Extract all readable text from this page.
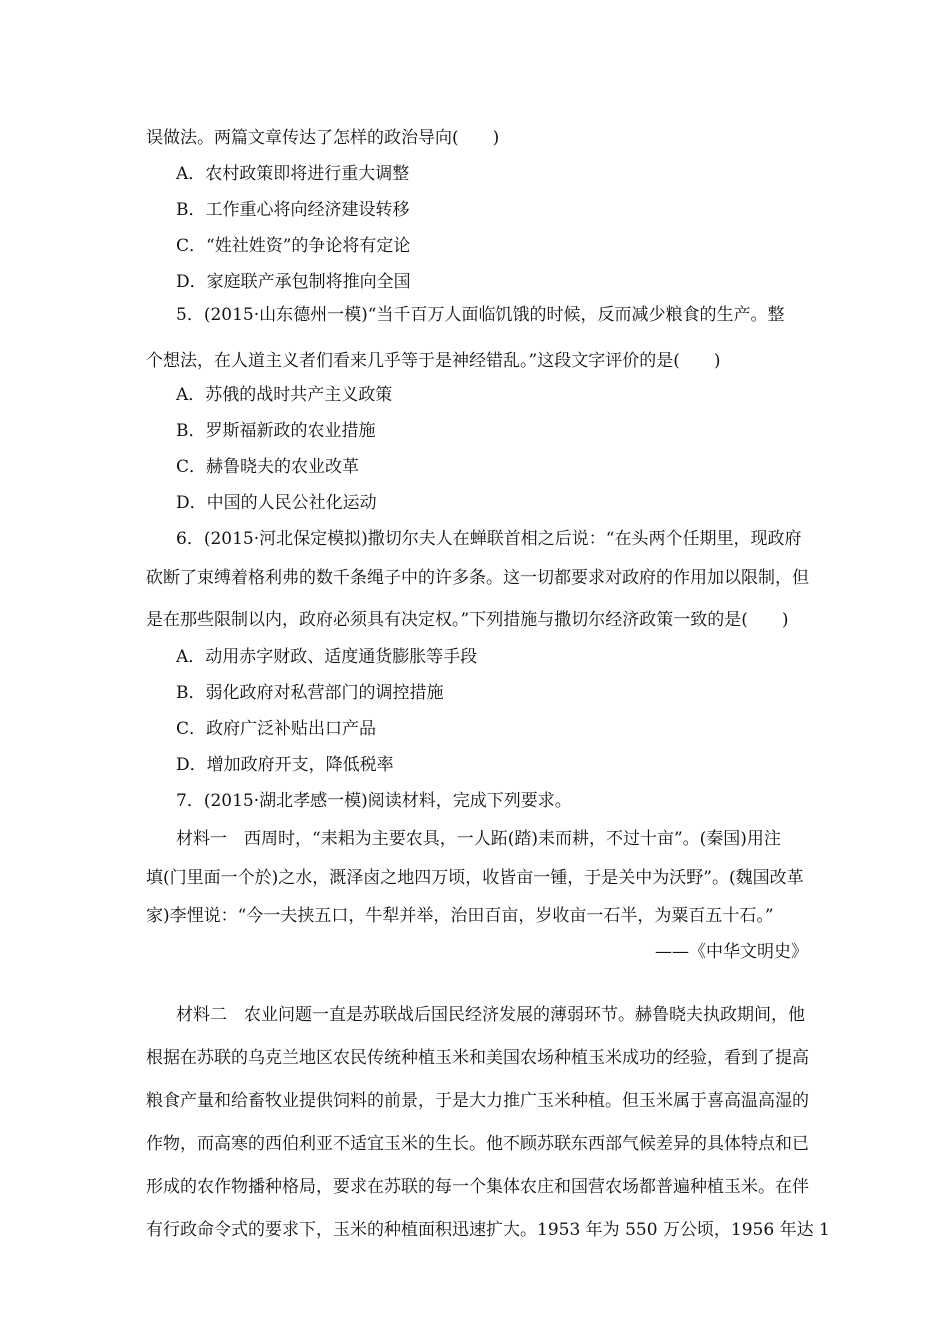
误做法。两篇文章传达了怎样的政治导向(　　)
A．农村政策即将进行重大调整
B．工作重心将向经济建设转移
C．“姓社姓资”的争论将有定论
D．家庭联产承包制将推向全国
5．(2015·山东德州一模)“当千百万人面临饥饿的时候，反而减少粮食的生产。整
个想法，在人道主义者们看来几乎等于是神经错乱。”这段文字评价的是(　　)
A．苏俄的战时共产主义政策
B．罗斯福新政的农业措施
C．赫鲁晓夫的农业改革
D．中国的人民公社化运动
6．(2015·河北保定模拟)撒切尔夫人在蝉联首相之后说：“在头两个任期里，现政府
砍断了束缚着格利弗的数千条绳子中的许多条。这一切都要求对政府的作用加以限制，但
是在那些限制以内，政府必须具有决定权。”下列措施与撒切尔经济政策一致的是(　　)
A．动用赤字财政、适度通货膨胀等手段
B．弱化政府对私营部门的调控措施
C．政府广泛补贴出口产品
D．增加政府开支，降低税率
7．(2015·湖北孝感一模)阅读材料，完成下列要求。
材料一　西周时，“耒耜为主要农具，一人跖(踏)耒而耕，不过十亩”。(秦国)用注
填(门里面一个於)之水，溉泽卤之地四万顷，收皆亩一锺，于是关中为沃野”。(魏国改革
家)李悝说：“今一夫挟五口，牛犁并举，治田百亩，岁收亩一石半，为粟百五十石。”
——《中华文明史》
材料二　农业问题一直是苏联战后国民经济发展的薄弱环节。赫鲁晓夫执政期间，他
根据在苏联的乌克兰地区农民传统种植玉米和美国农场种植玉米成功的经验，看到了提高
粮食产量和给畜牧业提供饲料的前景，于是大力推广玉米种植。但玉米属于喜高温高湿的
作物，而高寒的西伯利亚不适宜玉米的生长。他不顾苏联东西部气候差异的具体特点和已
形成的农作物播种格局，要求在苏联的每一个集体农庄和国营农场都普遍种植玉米。在伴
有行政命令式的要求下，玉米的种植面积迅速扩大。1953 年为 550 万公顷，1956 年达 1
